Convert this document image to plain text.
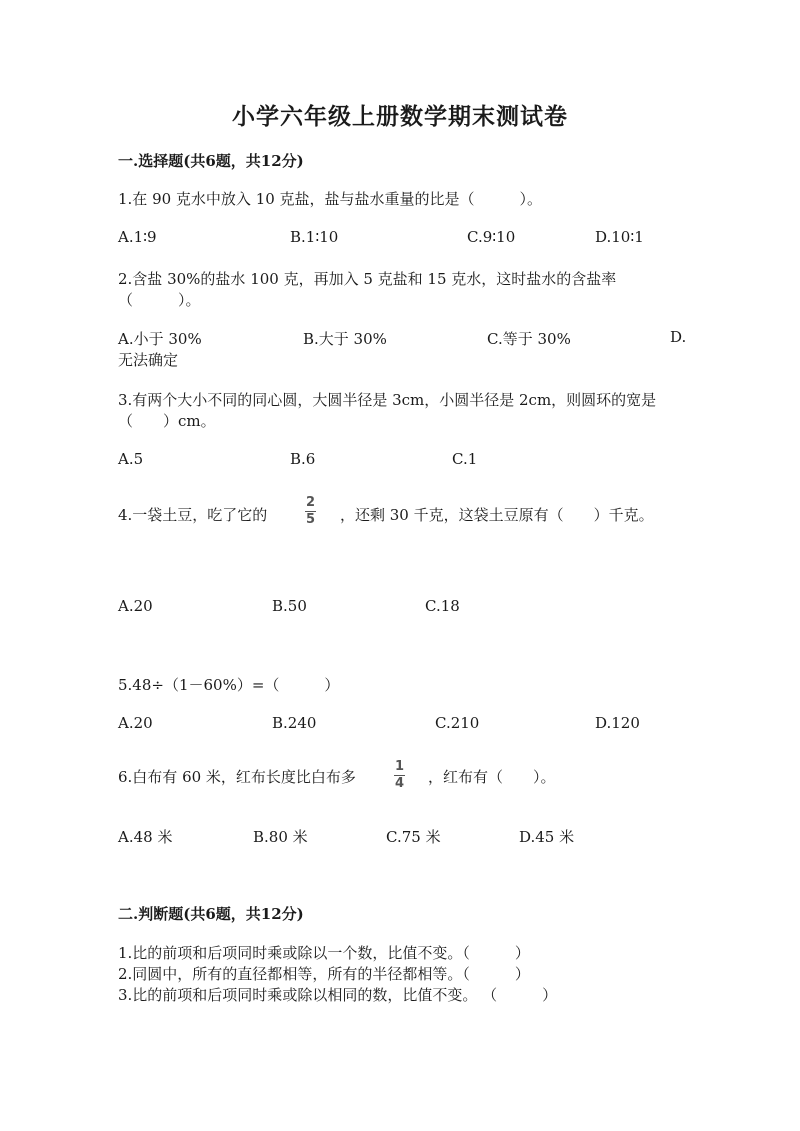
小学六年级上册数学期末测试卷
一.选择题(共6题，共12分)
1.在 90 克水中放入 10 克盐，盐与盐水重量的比是（　　　）。
A.1∶9	B.1∶10	C.9∶10	D.10∶1
2.含盐 30%的盐水 100 克，再加入 5 克盐和 15 克水，这时盐水的含盐率
（　　　）。
A.小于 30%	B.大于 30%	C.等于 30%	D.
无法确定
3.有两个大小不同的同心圆，大圆半径是 3cm，小圆半径是 2cm，则圆环的宽是
（　　）cm。
A.5	B.6	C.1
4.一袋土豆，吃了它的
2
5 ，还剩 30 千克，这袋土豆原有（　　）千克。
A.20	B.50	C.18
5.48÷（1－60%）=（　　　）
A.20	B.240	C.210	D.120
6.白布有 60 米，红布长度比白布多
1
4 ，红布有（　　）。
A.48 米	B.80 米	C.75 米	D.45 米
二.判断题(共6题，共12分)
1.比的前项和后项同时乘或除以一个数，比值不变。（　　　）
2.同圆中，所有的直径都相等，所有的半径都相等。（　　　）
3.比的前项和后项同时乘或除以相同的数，比值不变。 （　　　）
